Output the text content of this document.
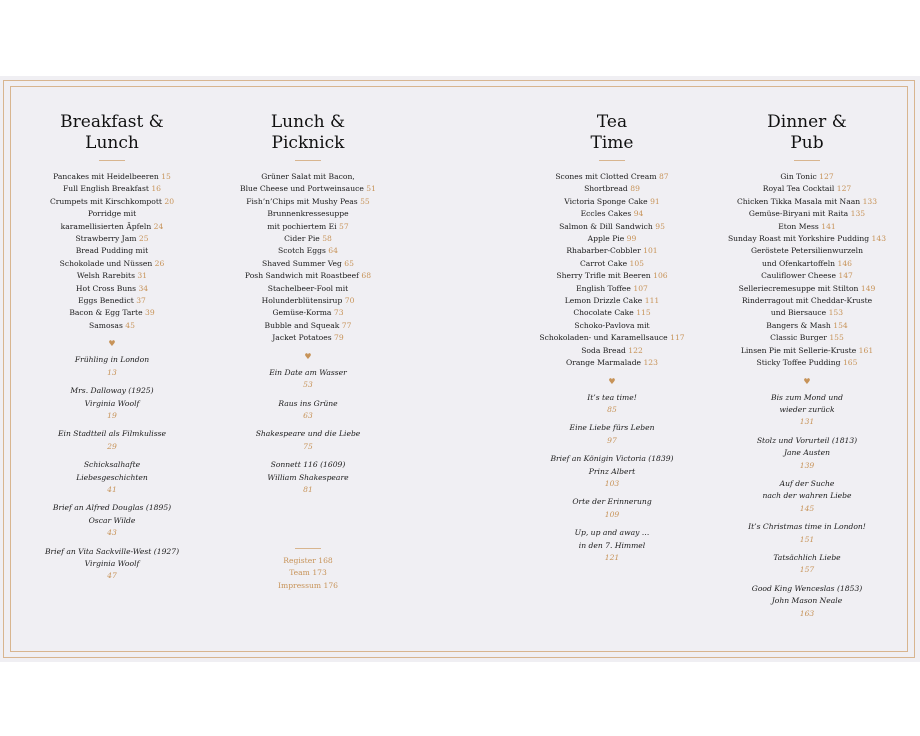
Breakfast &
Lunch
Pancakes mit Heidelbeeren 15
Full English Breakfast 16
Crumpets mit Kirschkompott 20
Porridge mit
karamellisierten Äpfeln 24
Strawberry Jam 25
Bread Pudding mit
Schokolade und Nüssen 26
Welsh Rarebits 31
Hot Cross Buns 34
Eggs Benedict 37
Bacon & Egg Tarte 39
Samosas 45
♥
Frühling in London
13
Mrs. Dalloway (1925)
Virginia Woolf
19
Ein Stadtteil als Filmkulisse
29
Schicksalhafte
Liebesgeschichten
41
Brief an Alfred Douglas (1895)
Oscar Wilde
43
Brief an Vita Sackville-West (1927)
Virginia Woolf
47
Lunch &
Picknick
Grüner Salat mit Bacon,
Blue Cheese und Portweinsauce 51
Fish’n’Chips mit Mushy Peas 55
Brunnenkressesuppe
mit pochiertem Ei 57
Cider Pie 58
Scotch Eggs 64
Shaved Summer Veg 65
Posh Sandwich mit Roastbeef 68
Stachelbeer-Fool mit
Holunderblütensirup 70
Gemüse-Korma 73
Bubble and Squeak 77
Jacket Potatoes 79
♥
Ein Date am Wasser
53
Raus ins Grüne
63
Shakespeare und die Liebe
75
Sonnett 116 (1609)
William Shakespeare
81
Tea
Time
Scones mit Clotted Cream 87
Shortbread 89
Victoria Sponge Cake 91
Eccles Cakes 94
Salmon & Dill Sandwich 95
Apple Pie 99
Rhabarber-Cobbler 101
Carrot Cake 105
Sherry Trifle mit Beeren 106
English Toffee 107
Lemon Drizzle Cake 111
Chocolate Cake 115
Schoko-Pavlova mit
Schokoladen- und Karamellsauce 117
Soda Bread 122
Orange Marmalade 123
♥
It’s tea time!
85
Eine Liebe fürs Leben
97
Brief an Königin Victoria (1839)
Prinz Albert
103
Orte der Erinnerung
109
Up, up and away …
in den 7. Himmel
121
Dinner &
Pub
Gin Tonic 127
Royal Tea Cocktail 127
Chicken Tikka Masala mit Naan 133
Gemüse-Biryani mit Raita 135
Eton Mess 141
Sunday Roast mit Yorkshire Pudding 143
Geröstete Petersilienwurzeln
und Ofenkartoffeln 146
Cauliflower Cheese 147
Selleriecremesuppe mit Stilton 149
Rinderragout mit Cheddar-Kruste
und Biersauce 153
Bangers & Mash 154
Classic Burger 155
Linsen Pie mit Sellerie-Kruste 161
Sticky Toffee Pudding 165
♥
Bis zum Mond und
wieder zurück
131
Stolz und Vorurteil (1813)
Jane Austen
139
Auf der Suche
nach der wahren Liebe
145
It’s Christmas time in London!
151
Tatsächlich Liebe
157
Good King Wenceslas (1853)
John Mason Neale
163
Register 168
Team 173
Impressum 176
